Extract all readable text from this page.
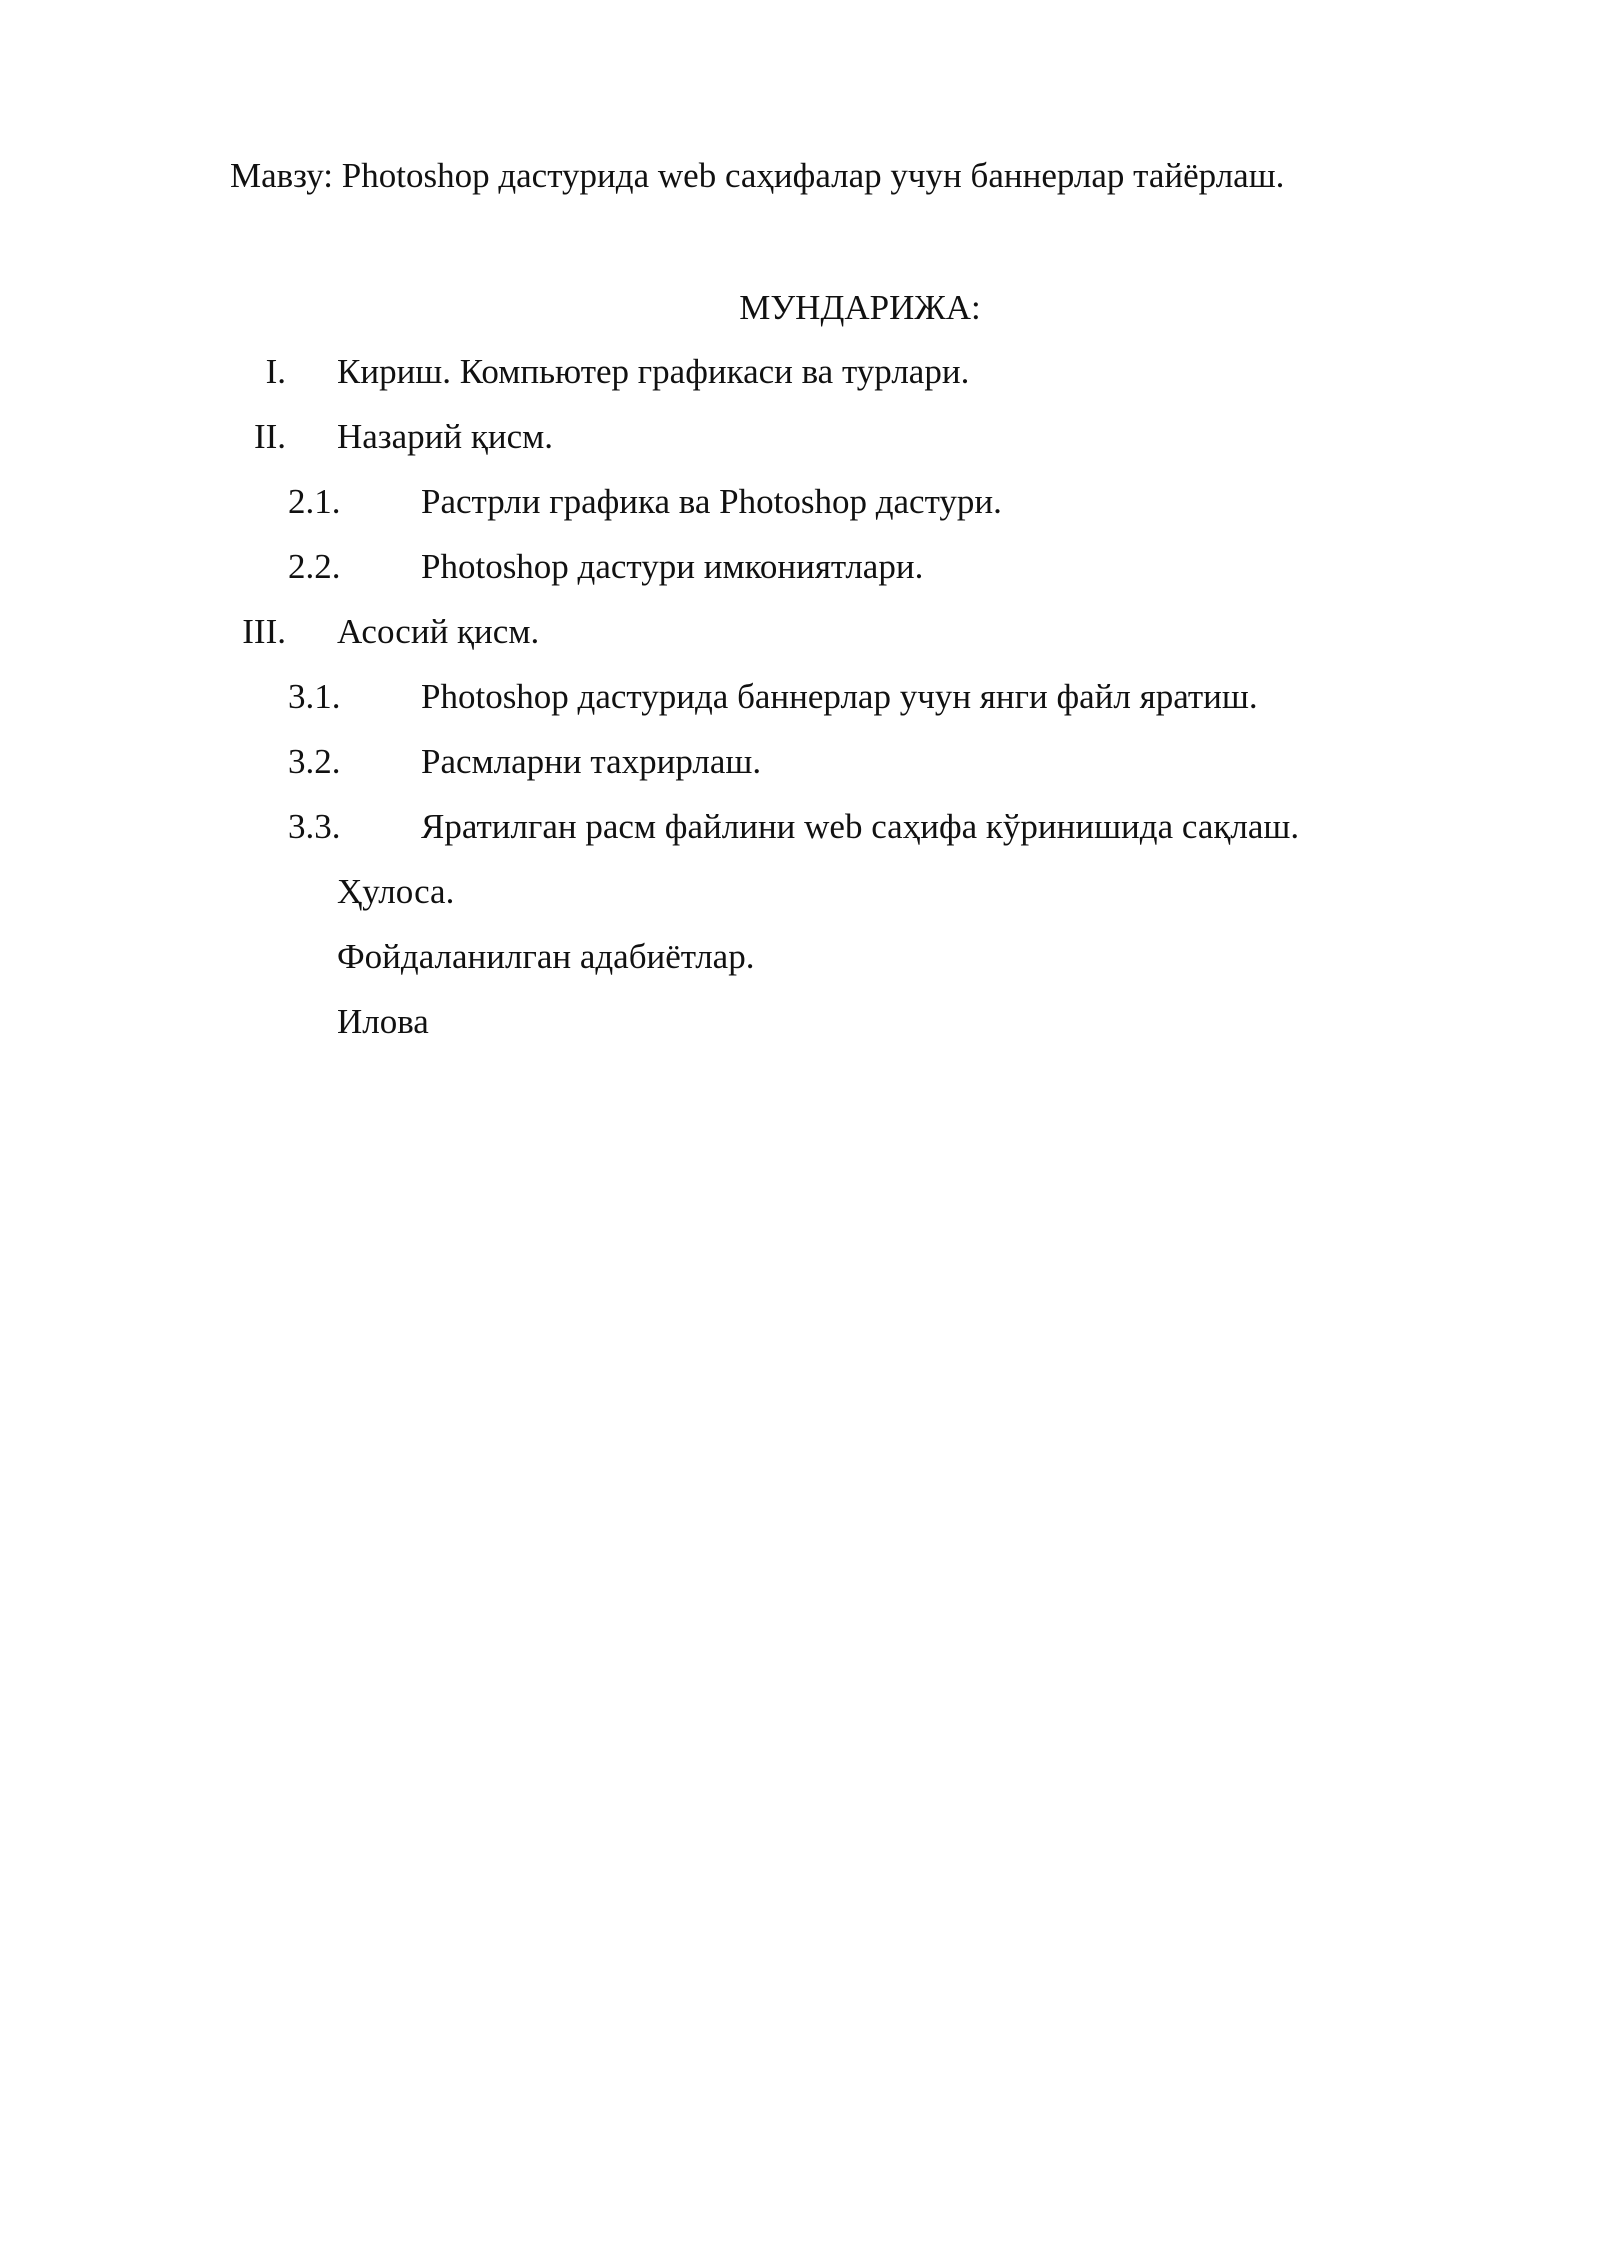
Мавзу: Photoshop дастурида web саҳифалар учун баннерлар тайёрлаш.
МУНДАРИЖА:
I. Кириш. Компьютер графикаси ва турлари.
II. Назарий қисм.
2.1. Растрли графика ва Photoshop дастури.
2.2. Photoshop дастури имкониятлари.
III. Асосий қисм.
3.1. Photoshop дастурида баннерлар учун янги файл яратиш.
3.2. Расмларни тахрирлаш.
3.3. Яратилган расм файлини web саҳифа кўринишида сақлаш.
Ҳулоса.
Фойдаланилган адабиётлар.
Илова
